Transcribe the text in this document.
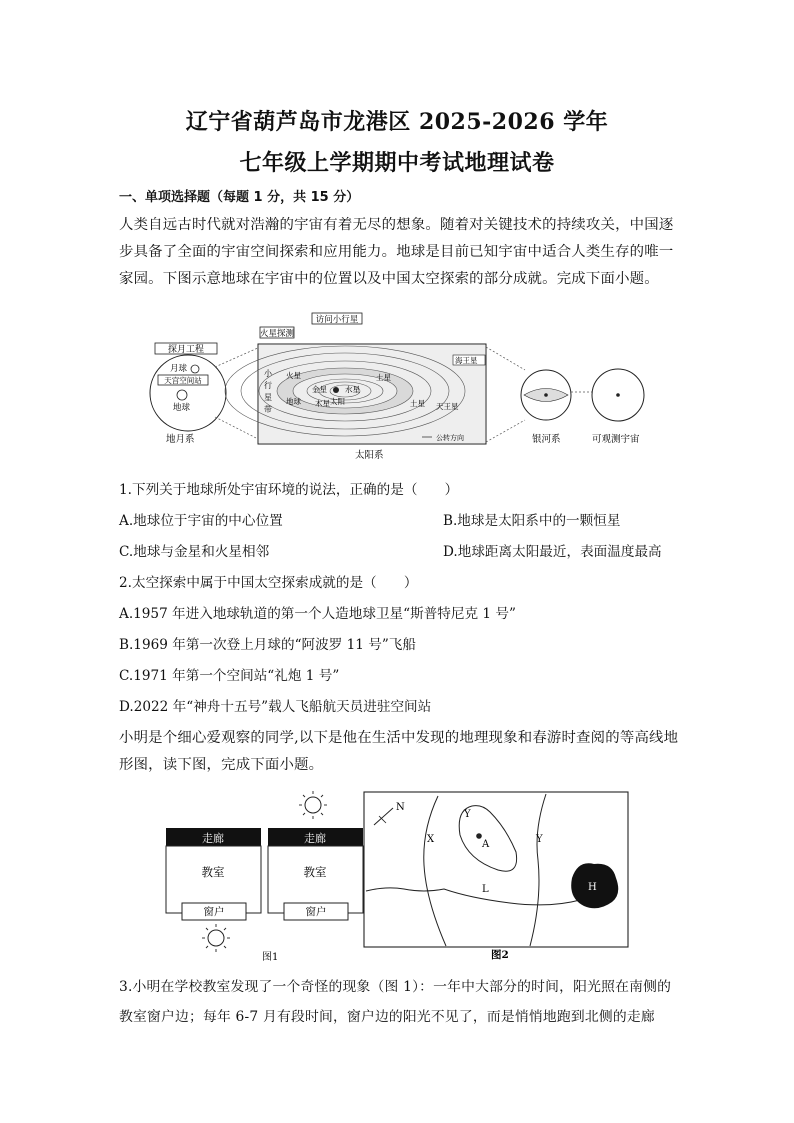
辽宁省葫芦岛市龙港区 2025-2026 学年
七年级上学期期中考试地理试卷
一、单项选择题（每题 1 分，共 15 分）
人类自远古时代就对浩瀚的宇宙有着无尽的想象。随着对关键技术的持续攻关，中国逐步具备了全面的宇宙空间探索和应用能力。地球是目前已知宇宙中适合人类生存的唯一家园。下图示意地球在宇宙中的位置以及中国太空探索的部分成就。完成下面小题。
探月工程
月球
天宫空间站
地球
地月系
火星探测
访问小行星
小行星带
水星
金星
太阳
地球
火星
木星
土星
土星 天王星
海王星
公转方向
太阳系
银河系	可观测宇宙
1.下列关于地球所处宇宙环境的说法，正确的是（　　）
A.地球位于宇宙的中心位置	B.地球是太阳系中的一颗恒星
C.地球与金星和火星相邻	D.地球距离太阳最近，表面温度最高
2.太空探索中属于中国太空探索成就的是（　　）
A.1957 年进入地球轨道的第一个人造地球卫星“斯普特尼克 1 号”
B.1969 年第一次登上月球的“阿波罗 11 号”飞船
C.1971 年第一个空间站“礼炮 1 号”
D.2022 年“神舟十五号”载人飞船航天员进驻空间站
小明是个细心爱观察的同学,以下是他在生活中发现的地理现象和春游时查阅的等高线地形图，读下图，完成下面小题。
走廊
教室
窗户
走廊
教室
窗户
图1
N
X
Y
A	Y
L	H
图2
3.小明在学校教室发现了一个奇怪的现象（图 1）：一年中大部分的时间，阳光照在南侧的教室窗户边；每年 6-7 月有段时间，窗户边的阳光不见了，而是悄悄地跑到北侧的走廊
